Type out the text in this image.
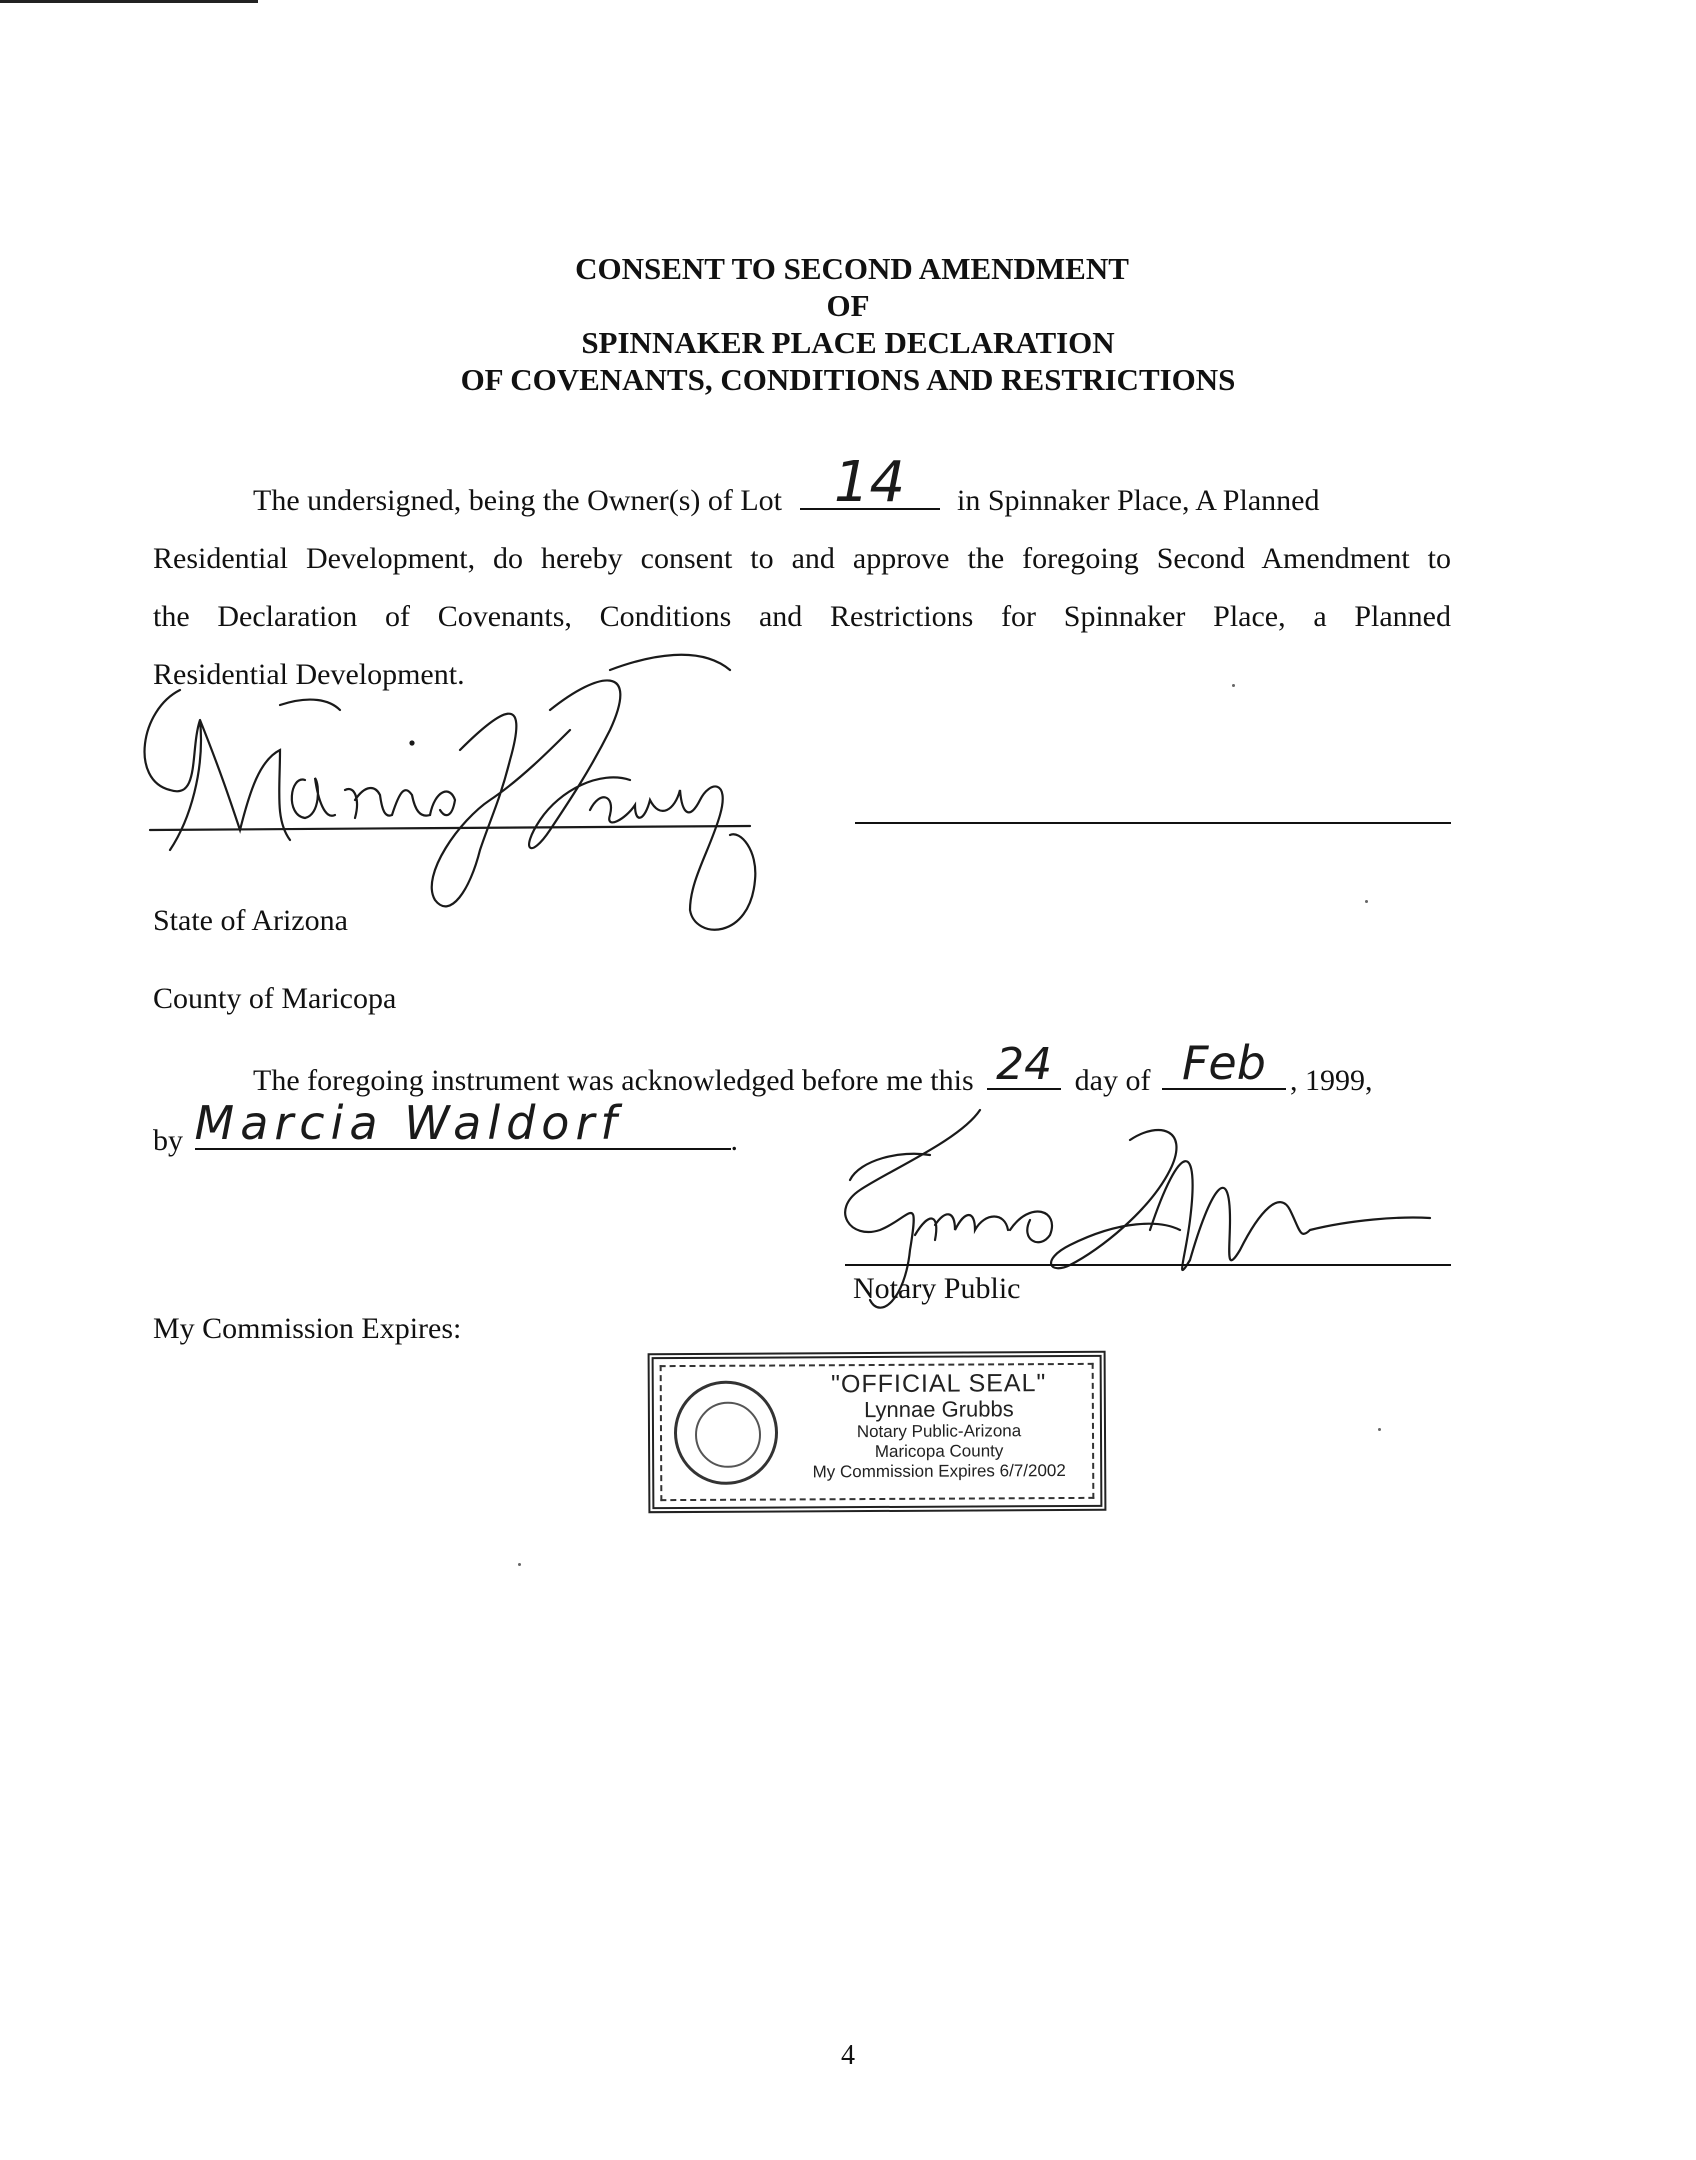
CONSENT TO SECOND AMENDMENT
OF
SPINNAKER PLACE DECLARATION
OF COVENANTS, CONDITIONS AND RESTRICTIONS
The undersigned, being the Owner(s) of Lot 14	in Spinnaker Place, A Planned
Residential Development, do hereby consent to and approve the foregoing Second Amendment to
the Declaration of Covenants, Conditions and Restrictions for Spinnaker Place, a Planned
Residential Development.
State of Arizona
County of Maricopa
The foregoing instrument was acknowledged before me this 24 day of Feb , 1999,
by Marcia Waldorf	.
Notary Public
My Commission Expires:
"OFFICIAL SEAL"
Lynnae Grubbs
Notary Public-Arizona
Maricopa County
My Commission Expires 6/7/2002
4
